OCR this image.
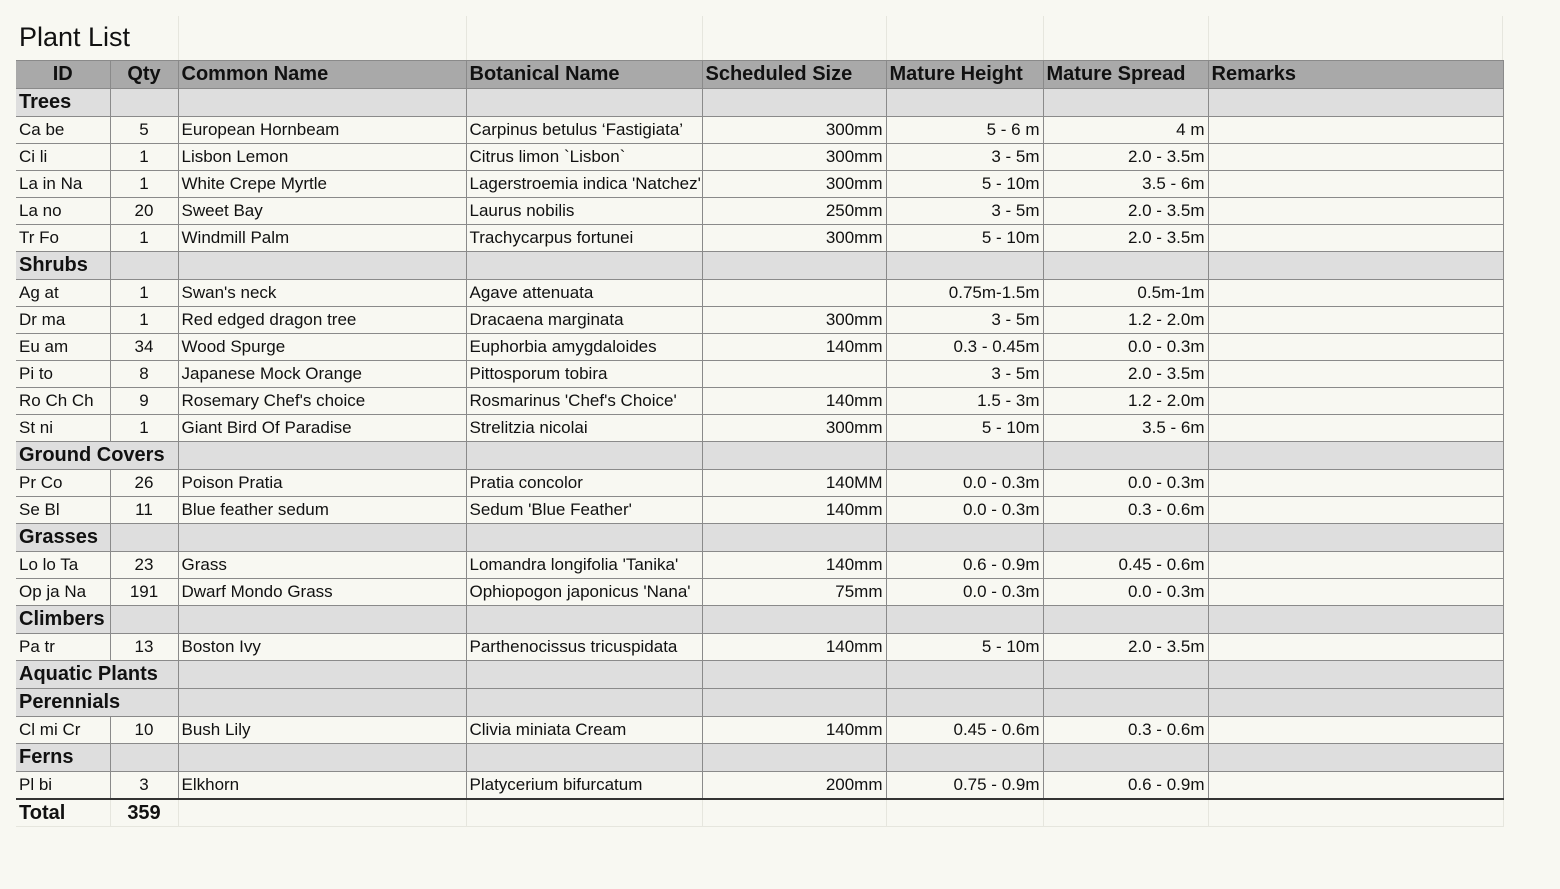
Plant List
ID	Qty	Common Name	Botanical Name	Scheduled Size	Mature Height	Mature Spread	Remarks
Trees							
Ca be	5	European Hornbeam	Carpinus betulus ‘Fastigiata’	300mm	5 - 6 m	4 m	
Ci li	1	Lisbon Lemon	Citrus limon `Lisbon`	300mm	3 - 5m	2.0 - 3.5m	
La in Na	1	White Crepe Myrtle	Lagerstroemia indica 'Natchez'	300mm	5 - 10m	3.5 - 6m	
La no	20	Sweet Bay	Laurus nobilis	250mm	3 - 5m	2.0 - 3.5m	
Tr Fo	1	Windmill Palm	Trachycarpus fortunei	300mm	5 - 10m	2.0 - 3.5m	
Shrubs							
Ag at	1	Swan's neck	Agave attenuata		0.75m-1.5m	0.5m-1m	
Dr ma	1	Red edged dragon tree	Dracaena marginata	300mm	3 - 5m	1.2 - 2.0m	
Eu am	34	Wood Spurge	Euphorbia amygdaloides	140mm	0.3 - 0.45m	0.0 - 0.3m	
Pi to	8	Japanese Mock Orange	Pittosporum tobira		3 - 5m	2.0 - 3.5m	
Ro Ch Ch	9	Rosemary Chef's choice	Rosmarinus 'Chef's Choice'	140mm	1.5 - 3m	1.2 - 2.0m	
St ni	1	Giant Bird Of Paradise	Strelitzia nicolai	300mm	5 - 10m	3.5 - 6m	
Ground Covers							
Pr Co	26	Poison Pratia	Pratia concolor	140MM	0.0 - 0.3m	0.0 - 0.3m	
Se Bl	11	Blue feather sedum	Sedum 'Blue Feather'	140mm	0.0 - 0.3m	0.3 - 0.6m	
Grasses							
Lo lo Ta	23	Grass	Lomandra longifolia 'Tanika'	140mm	0.6 - 0.9m	0.45 - 0.6m	
Op ja Na	191	Dwarf Mondo Grass	Ophiopogon japonicus 'Nana'	75mm	0.0 - 0.3m	0.0 - 0.3m	
Climbers							
Pa tr	13	Boston Ivy	Parthenocissus tricuspidata	140mm	5 - 10m	2.0 - 3.5m	
Aquatic Plants							
Perennials							
Cl mi Cr	10	Bush Lily	Clivia miniata Cream	140mm	0.45 - 0.6m	0.3 - 0.6m	
Ferns							
Pl bi	3	Elkhorn	Platycerium bifurcatum	200mm	0.75 - 0.9m	0.6 - 0.9m	
Total	359						
